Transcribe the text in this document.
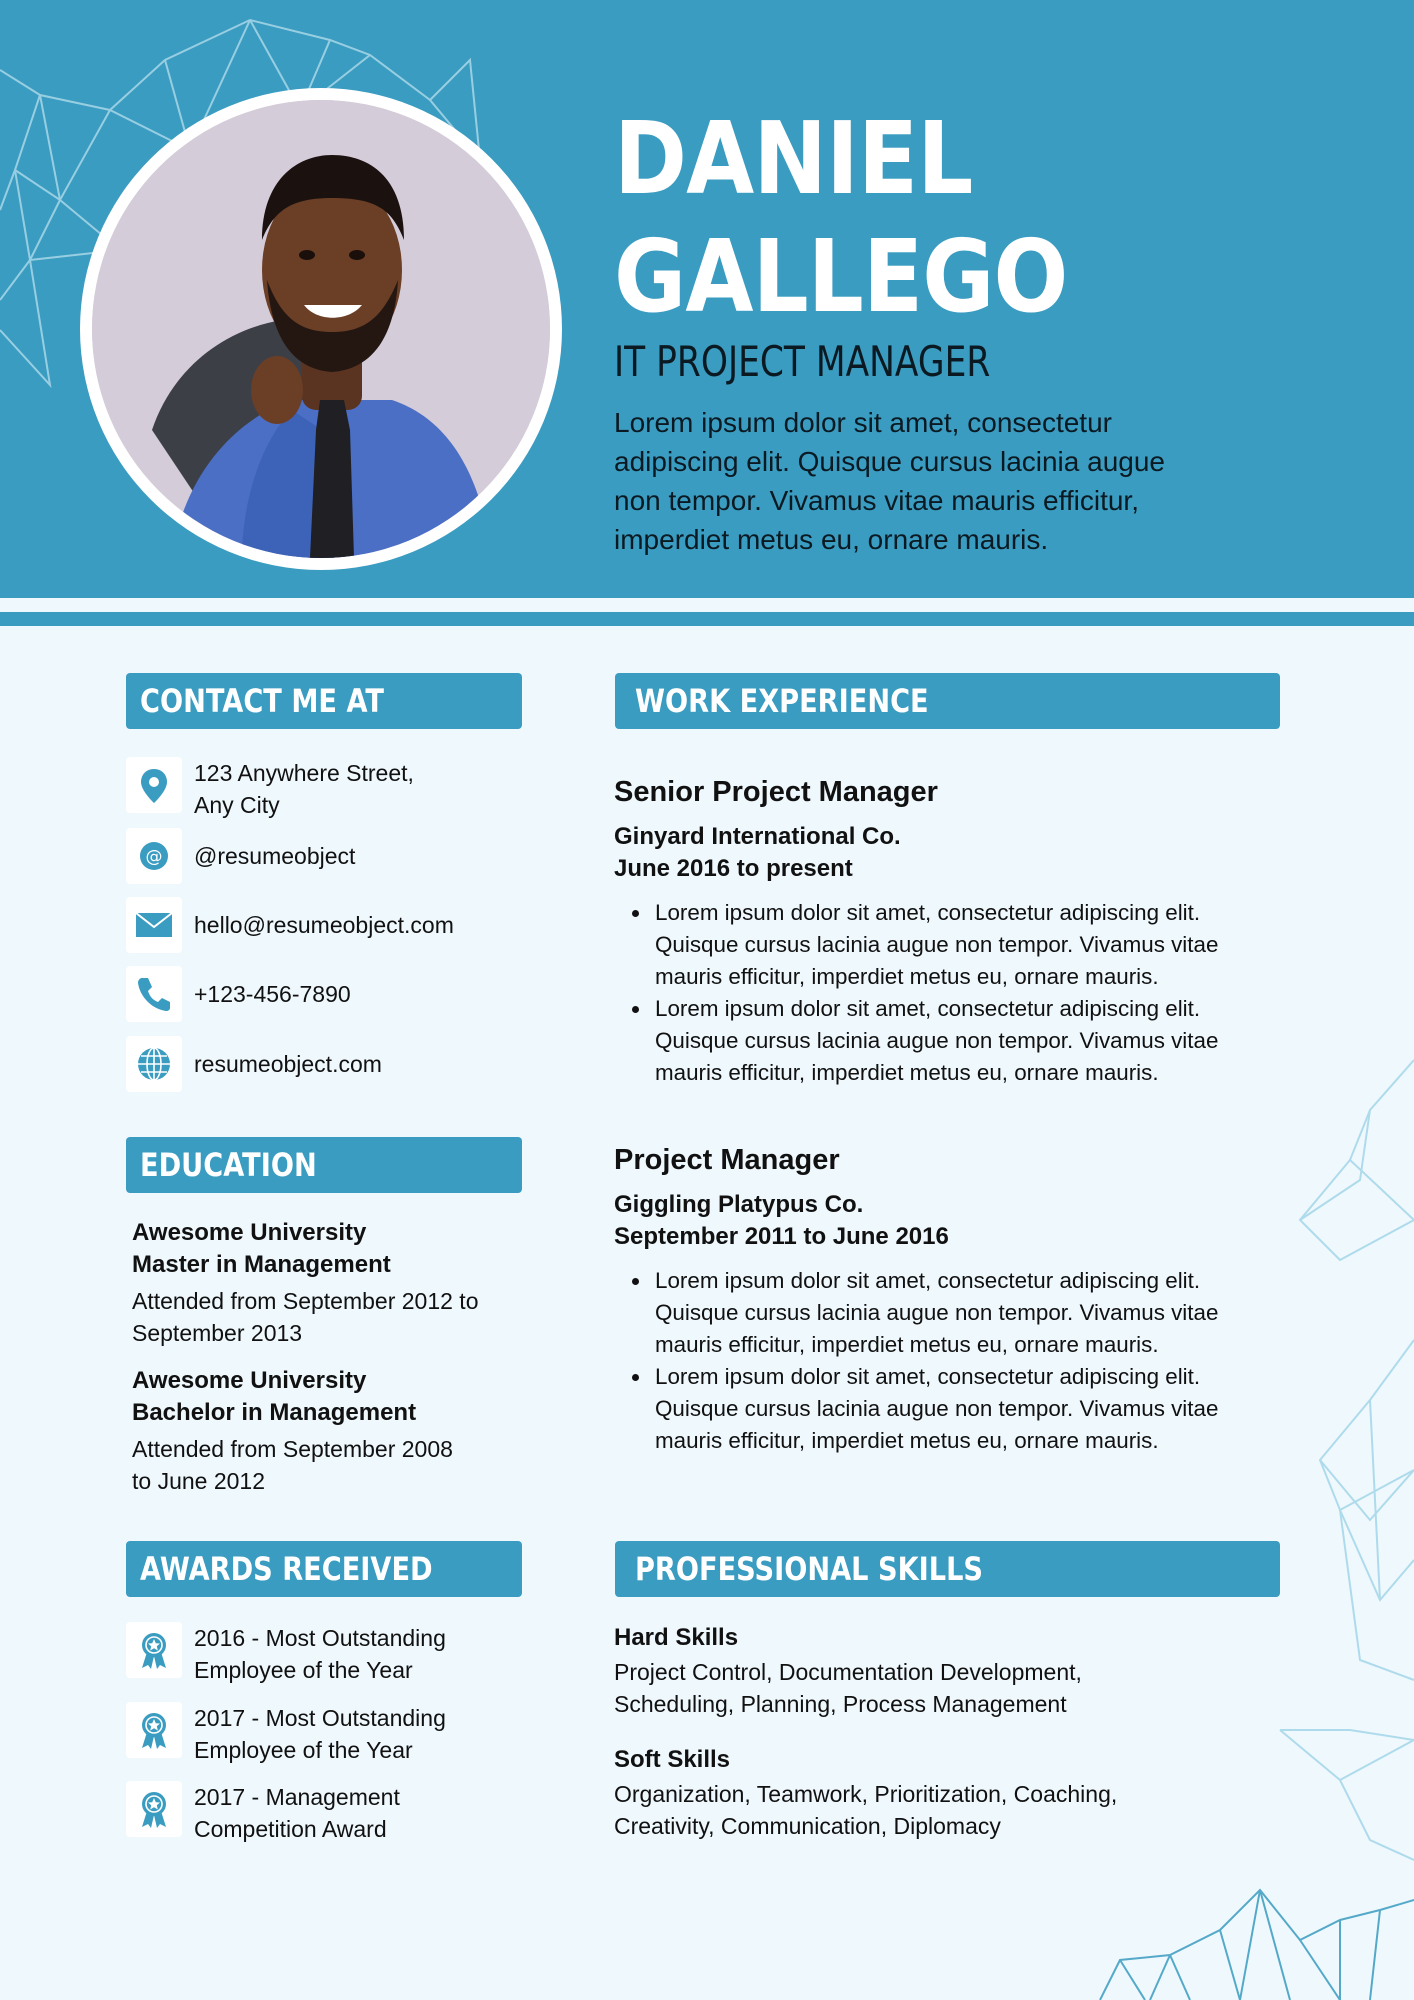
DANIEL
GALLEGO
IT PROJECT MANAGER
Lorem ipsum dolor sit amet, consectetur adipiscing elit. Quisque cursus lacinia augue non tempor. Vivamus vitae mauris efficitur, imperdiet metus eu, ornare mauris.
CONTACT ME AT
123 Anywhere Street,
Any City
@ @resumeobject
hello@resumeobject.com
+123-456-7890
resumeobject.com
EDUCATION
Awesome University
Master in Management
Attended from September 2012 to
September 2013
Awesome University
Bachelor in Management
Attended from September 2008
to June 2012
AWARDS RECEIVED
2016 - Most Outstanding
Employee of the Year
2017 - Most Outstanding
Employee of the Year
2017 - Management
Competition Award
WORK EXPERIENCE
Senior Project Manager
Ginyard International Co.
June 2016 to present
Lorem ipsum dolor sit amet, consectetur adipiscing elit.
Quisque cursus lacinia augue non tempor. Vivamus vitae
mauris efficitur, imperdiet metus eu, ornare mauris.
Lorem ipsum dolor sit amet, consectetur adipiscing elit.
Quisque cursus lacinia augue non tempor. Vivamus vitae
mauris efficitur, imperdiet metus eu, ornare mauris.
Project Manager
Giggling Platypus Co.
September 2011 to June 2016
Lorem ipsum dolor sit amet, consectetur adipiscing elit.
Quisque cursus lacinia augue non tempor. Vivamus vitae
mauris efficitur, imperdiet metus eu, ornare mauris.
Lorem ipsum dolor sit amet, consectetur adipiscing elit.
Quisque cursus lacinia augue non tempor. Vivamus vitae
mauris efficitur, imperdiet metus eu, ornare mauris.
PROFESSIONAL SKILLS
Hard Skills
Project Control, Documentation Development,
Scheduling, Planning, Process Management
Soft Skills
Organization, Teamwork, Prioritization, Coaching,
Creativity, Communication, Diplomacy
